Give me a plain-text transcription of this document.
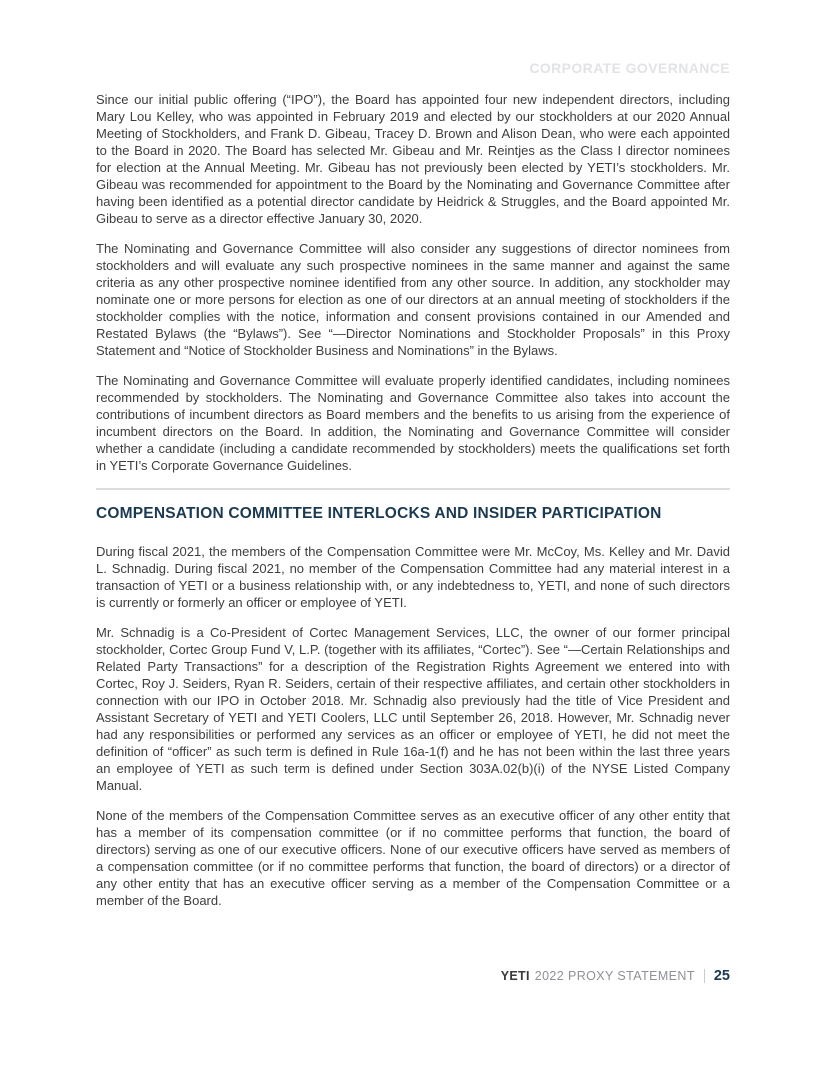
CORPORATE GOVERNANCE

Since our initial public offering (“IPO”), the Board has appointed four new independent directors, including Mary Lou Kelley, who was appointed in February 2019 and elected by our stockholders at our 2020 Annual Meeting of Stockholders, and Frank D. Gibeau, Tracey D. Brown and Alison Dean, who were each appointed to the Board in 2020. The Board has selected Mr. Gibeau and Mr. Reintjes as the Class I director nominees for election at the Annual Meeting. Mr. Gibeau has not previously been elected by YETI’s stockholders. Mr. Gibeau was recommended for appointment to the Board by the Nominating and Governance Committee after having been identified as a potential director candidate by Heidrick & Struggles, and the Board appointed Mr. Gibeau to serve as a director effective January 30, 2020.

The Nominating and Governance Committee will also consider any suggestions of director nominees from stockholders and will evaluate any such prospective nominees in the same manner and against the same criteria as any other prospective nominee identified from any other source. In addition, any stockholder may nominate one or more persons for election as one of our directors at an annual meeting of stockholders if the stockholder complies with the notice, information and consent provisions contained in our Amended and Restated Bylaws (the “Bylaws”). See “—Director Nominations and Stockholder Proposals” in this Proxy Statement and “Notice of Stockholder Business and Nominations” in the Bylaws.

The Nominating and Governance Committee will evaluate properly identified candidates, including nominees recommended by stockholders. The Nominating and Governance Committee also takes into account the contributions of incumbent directors as Board members and the benefits to us arising from the experience of incumbent directors on the Board. In addition, the Nominating and Governance Committee will consider whether a candidate (including a candidate recommended by stockholders) meets the qualifications set forth in YETI’s Corporate Governance Guidelines.

COMPENSATION COMMITTEE INTERLOCKS AND INSIDER PARTICIPATION

During fiscal 2021, the members of the Compensation Committee were Mr. McCoy, Ms. Kelley and Mr. David L. Schnadig. During fiscal 2021, no member of the Compensation Committee had any material interest in a transaction of YETI or a business relationship with, or any indebtedness to, YETI, and none of such directors is currently or formerly an officer or employee of YETI.

Mr. Schnadig is a Co-President of Cortec Management Services, LLC, the owner of our former principal stockholder, Cortec Group Fund V, L.P. (together with its affiliates, “Cortec”). See “—Certain Relationships and Related Party Transactions” for a description of the Registration Rights Agreement we entered into with Cortec, Roy J. Seiders, Ryan R. Seiders, certain of their respective affiliates, and certain other stockholders in connection with our IPO in October 2018. Mr. Schnadig also previously had the title of Vice President and Assistant Secretary of YETI and YETI Coolers, LLC until September 26, 2018. However, Mr. Schnadig never had any responsibilities or performed any services as an officer or employee of YETI, he did not meet the definition of “officer” as such term is defined in Rule 16a-1(f) and he has not been within the last three years an employee of YETI as such term is defined under Section 303A.02(b)(i) of the NYSE Listed Company Manual.

None of the members of the Compensation Committee serves as an executive officer of any other entity that has a member of its compensation committee (or if no committee performs that function, the board of directors) serving as one of our executive officers. None of our executive officers have served as members of a compensation committee (or if no committee performs that function, the board of directors) or a director of any other entity that has an executive officer serving as a member of the Compensation Committee or a member of the Board.

YETI 2022 PROXY STATEMENT 25
